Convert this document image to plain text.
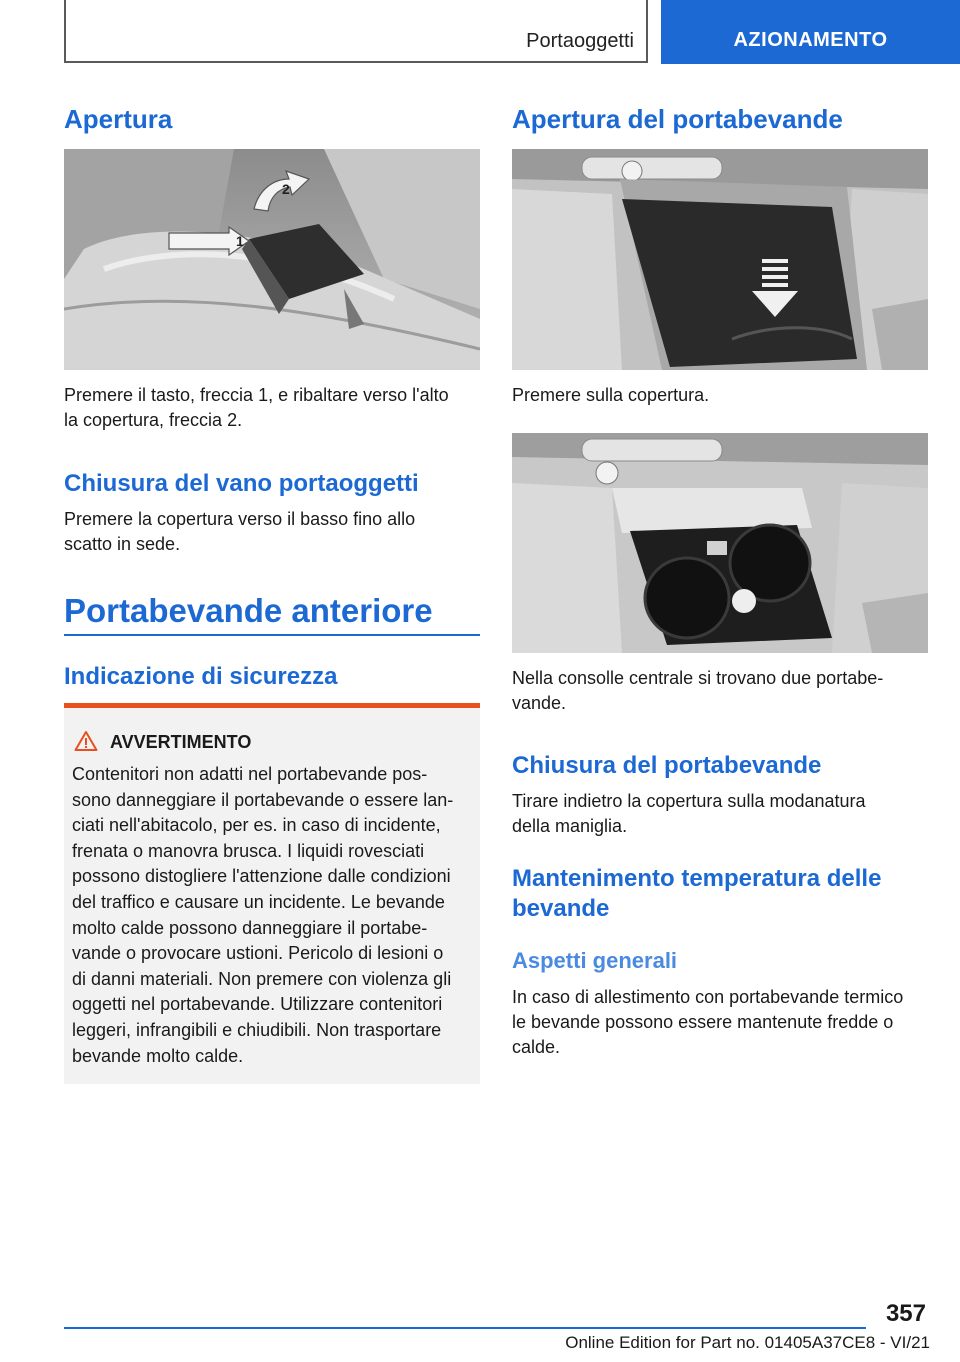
Portaoggetti	AZIONAMENTO
Apertura
1
2

Premere il tasto, freccia 1, e ribaltare verso l'alto
la copertura, freccia 2.

Chiusura del vano portaoggetti

Premere la copertura verso il basso fino allo
scatto in sede.

Portabevande anteriore
Indicazione di sicurezza
AVVERTIMENTO
Contenitori non adatti nel portabevande pos-
sono danneggiare il portabevande o essere lan-
ciati nell'abitacolo, per es. in caso di incidente,
frenata o manovra brusca. I liquidi rovesciati
possono distogliere l'attenzione dalle condizioni
del traffico e causare un incidente. Le bevande
molto calde possono danneggiare il portabe-
vande o provocare ustioni. Pericolo di lesioni o
di danni materiali. Non premere con violenza gli
oggetti nel portabevande. Utilizzare contenitori
leggeri, infrangibili e chiudibili. Non trasportare
bevande molto calde.
Apertura del portabevande

Premere sulla copertura.

Nella consolle centrale si trovano due portabe-
vande.

Chiusura del portabevande

Tirare indietro la copertura sulla modanatura
della maniglia.

Mantenimento temperatura delle
bevande
Aspetti generali

In caso di allestimento con portabevande termico
le bevande possono essere mantenute fredde o
calde.

357
Online Edition for Part no. 01405A37CE8 - VI/21
